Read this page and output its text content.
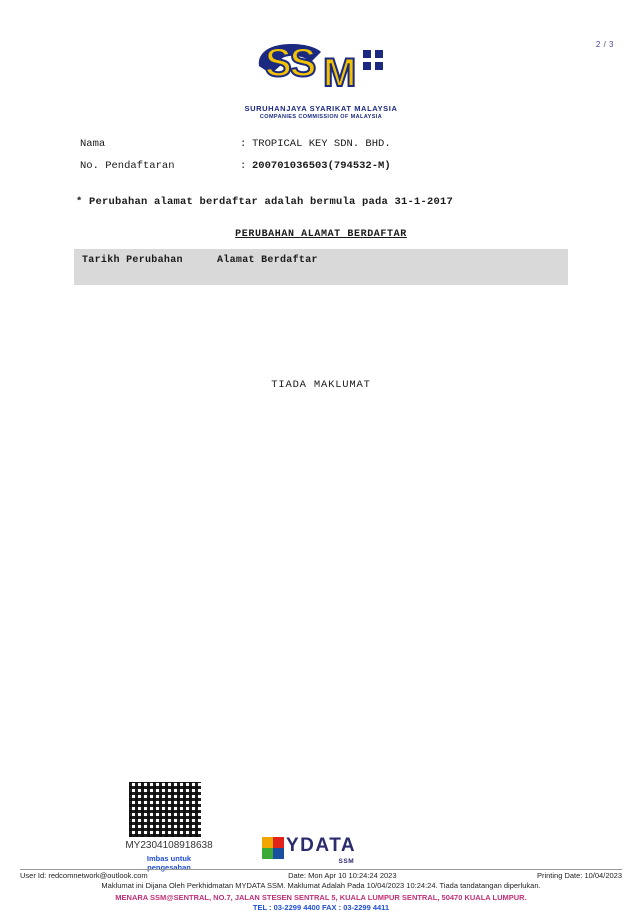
2 / 3
SS M
SURUHANJAYA SYARIKAT MALAYSIA
COMPANIES COMMISSION OF MALAYSIA
Nama	: TROPICAL KEY SDN. BHD.
No. Pendaftaran	: 200701036503(794532-M)
* Perubahan alamat berdaftar adalah bermula pada 31-1-2017
PERUBAHAN ALAMAT BERDAFTAR
Tarikh Perubahan	Alamat Berdaftar
TIADA MAKLUMAT
MY2304108918638
Imbas untuk pengesahan
YDATA
SSM
User Id: redcomnetwork@outlook.com	Date: Mon Apr 10 10:24:24 2023	Printing Date: 10/04/2023
Maklumat ini Dijana Oleh Perkhidmatan MYDATA SSM. Maklumat Adalah Pada 10/04/2023 10:24:24. Tiada tandatangan diperlukan.
MENARA SSM@SENTRAL, NO.7, JALAN STESEN SENTRAL 5, KUALA LUMPUR SENTRAL, 50470 KUALA LUMPUR.
TEL : 03-2299 4400 FAX : 03-2299 4411
